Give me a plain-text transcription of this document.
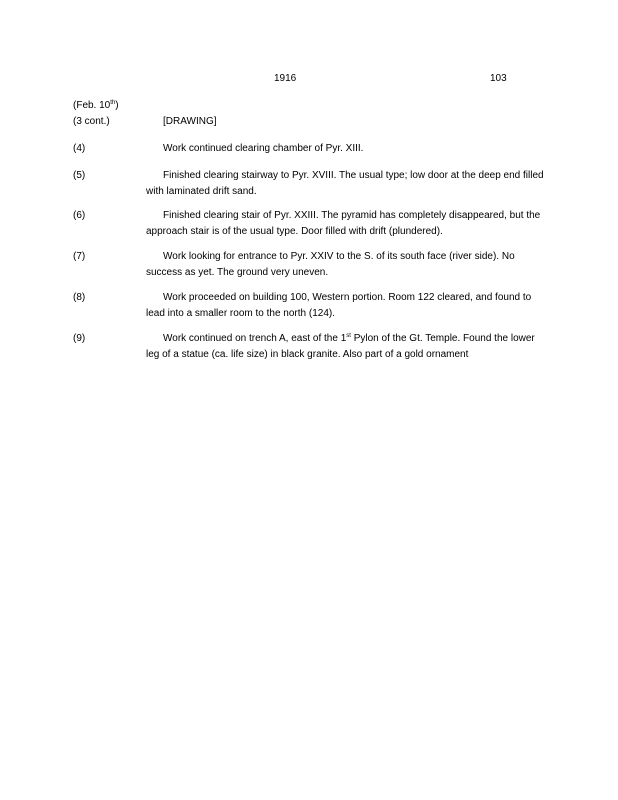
1916	103
(Feb. 10th)
(3 cont.)	[DRAWING]
(4)	Work continued clearing chamber of Pyr. XIII.
(5)	Finished clearing stairway to Pyr. XVIII. The usual type; low door at the deep end filled with laminated drift sand.
(6)	Finished clearing stair of Pyr. XXIII. The pyramid has completely disappeared, but the approach stair is of the usual type. Door filled with drift (plundered).
(7)	Work looking for entrance to Pyr. XXIV to the S. of its south face (river side). No success as yet. The ground very uneven.
(8)	Work proceeded on building 100, Western portion. Room 122 cleared, and found to lead into a smaller room to the north (124).
(9)	Work continued on trench A, east of the 1st Pylon of the Gt. Temple. Found the lower leg of a statue (ca. life size) in black granite. Also part of a gold ornament
